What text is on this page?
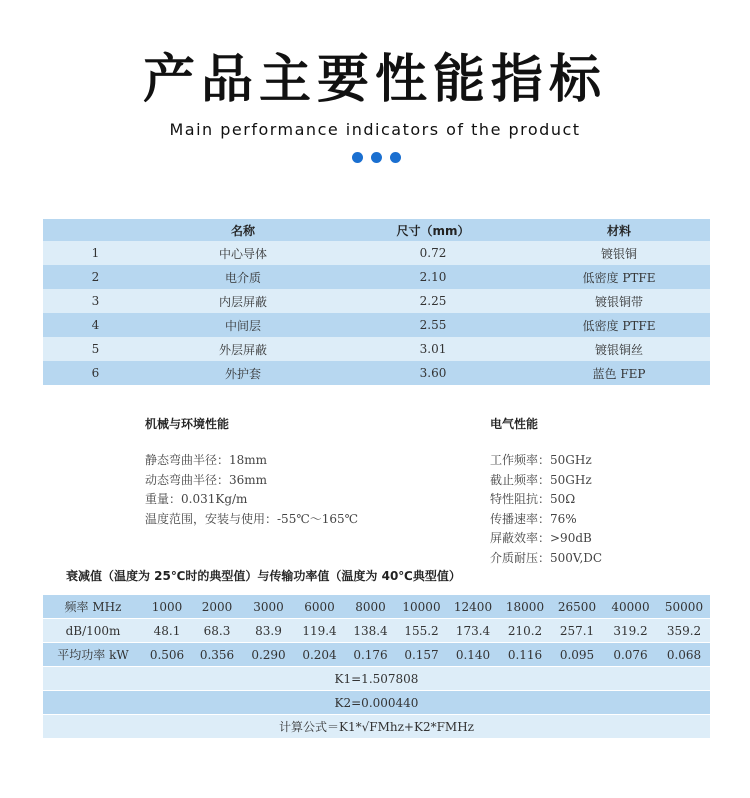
产品主要性能指标
Main performance indicators of the product
	名称	尺寸（mm）	材料
1	中心导体	0.72	镀银铜
2	电介质	2.10	低密度 PTFE
3	内层屏蔽	2.25	镀银铜带
4	中间层	2.55	低密度 PTFE
5	外层屏蔽	3.01	镀银铜丝
6	外护套	3.60	蓝色 FEP
机械与环境性能
静态弯曲半径：18mm
动态弯曲半径：36mm
重量：0.031Kg/m
温度范围，安装与使用：-55℃～165℃
电气性能
工作频率：50GHz
截止频率：50GHz
特性阻抗：50Ω
传播速率：76%
屏蔽效率：>90dB
介质耐压：500V,DC
衰减值（温度为 25℃时的典型值）与传输功率值（温度为 40℃典型值）
频率 MHz	1000	2000	3000	6000	8000	10000	12400	18000	26500	40000	50000
dB/100m	48.1	68.3	83.9	119.4	138.4	155.2	173.4	210.2	257.1	319.2	359.2
平均功率 kW	0.506	0.356	0.290	0.204	0.176	0.157	0.140	0.116	0.095	0.076	0.068
K1=1.507808											
K2=0.000440											
计算公式＝K1*√FMhz+K2*FMHz											
